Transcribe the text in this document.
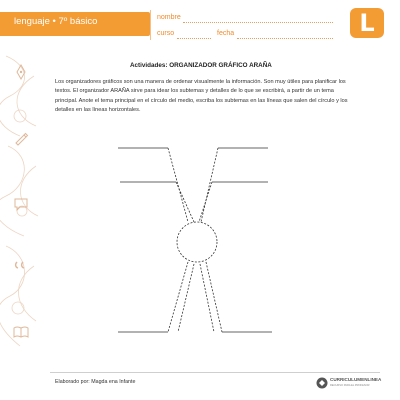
lenguaje • 7º básico	nombre
curso	fecha	L
Actividades: ORGANIZADOR GRÁFICO ARAÑA
Los organizadores gráficos son una manera de ordenar visualmente la información. Son muy útiles para planificar los textos. El organizador ARAÑA sirve para idear los subtemas y detalles de lo que se escribirá, a partir de un tema principal. Anote el tema principal en el círculo del medio, escriba los subtemas en las líneas que salen del círculo y los detalles en las líneas horizontales.
Elaborado por: Magda ena Infante	CURRICULUMENLINEA
RECURSO PARA EL PROFESOR
